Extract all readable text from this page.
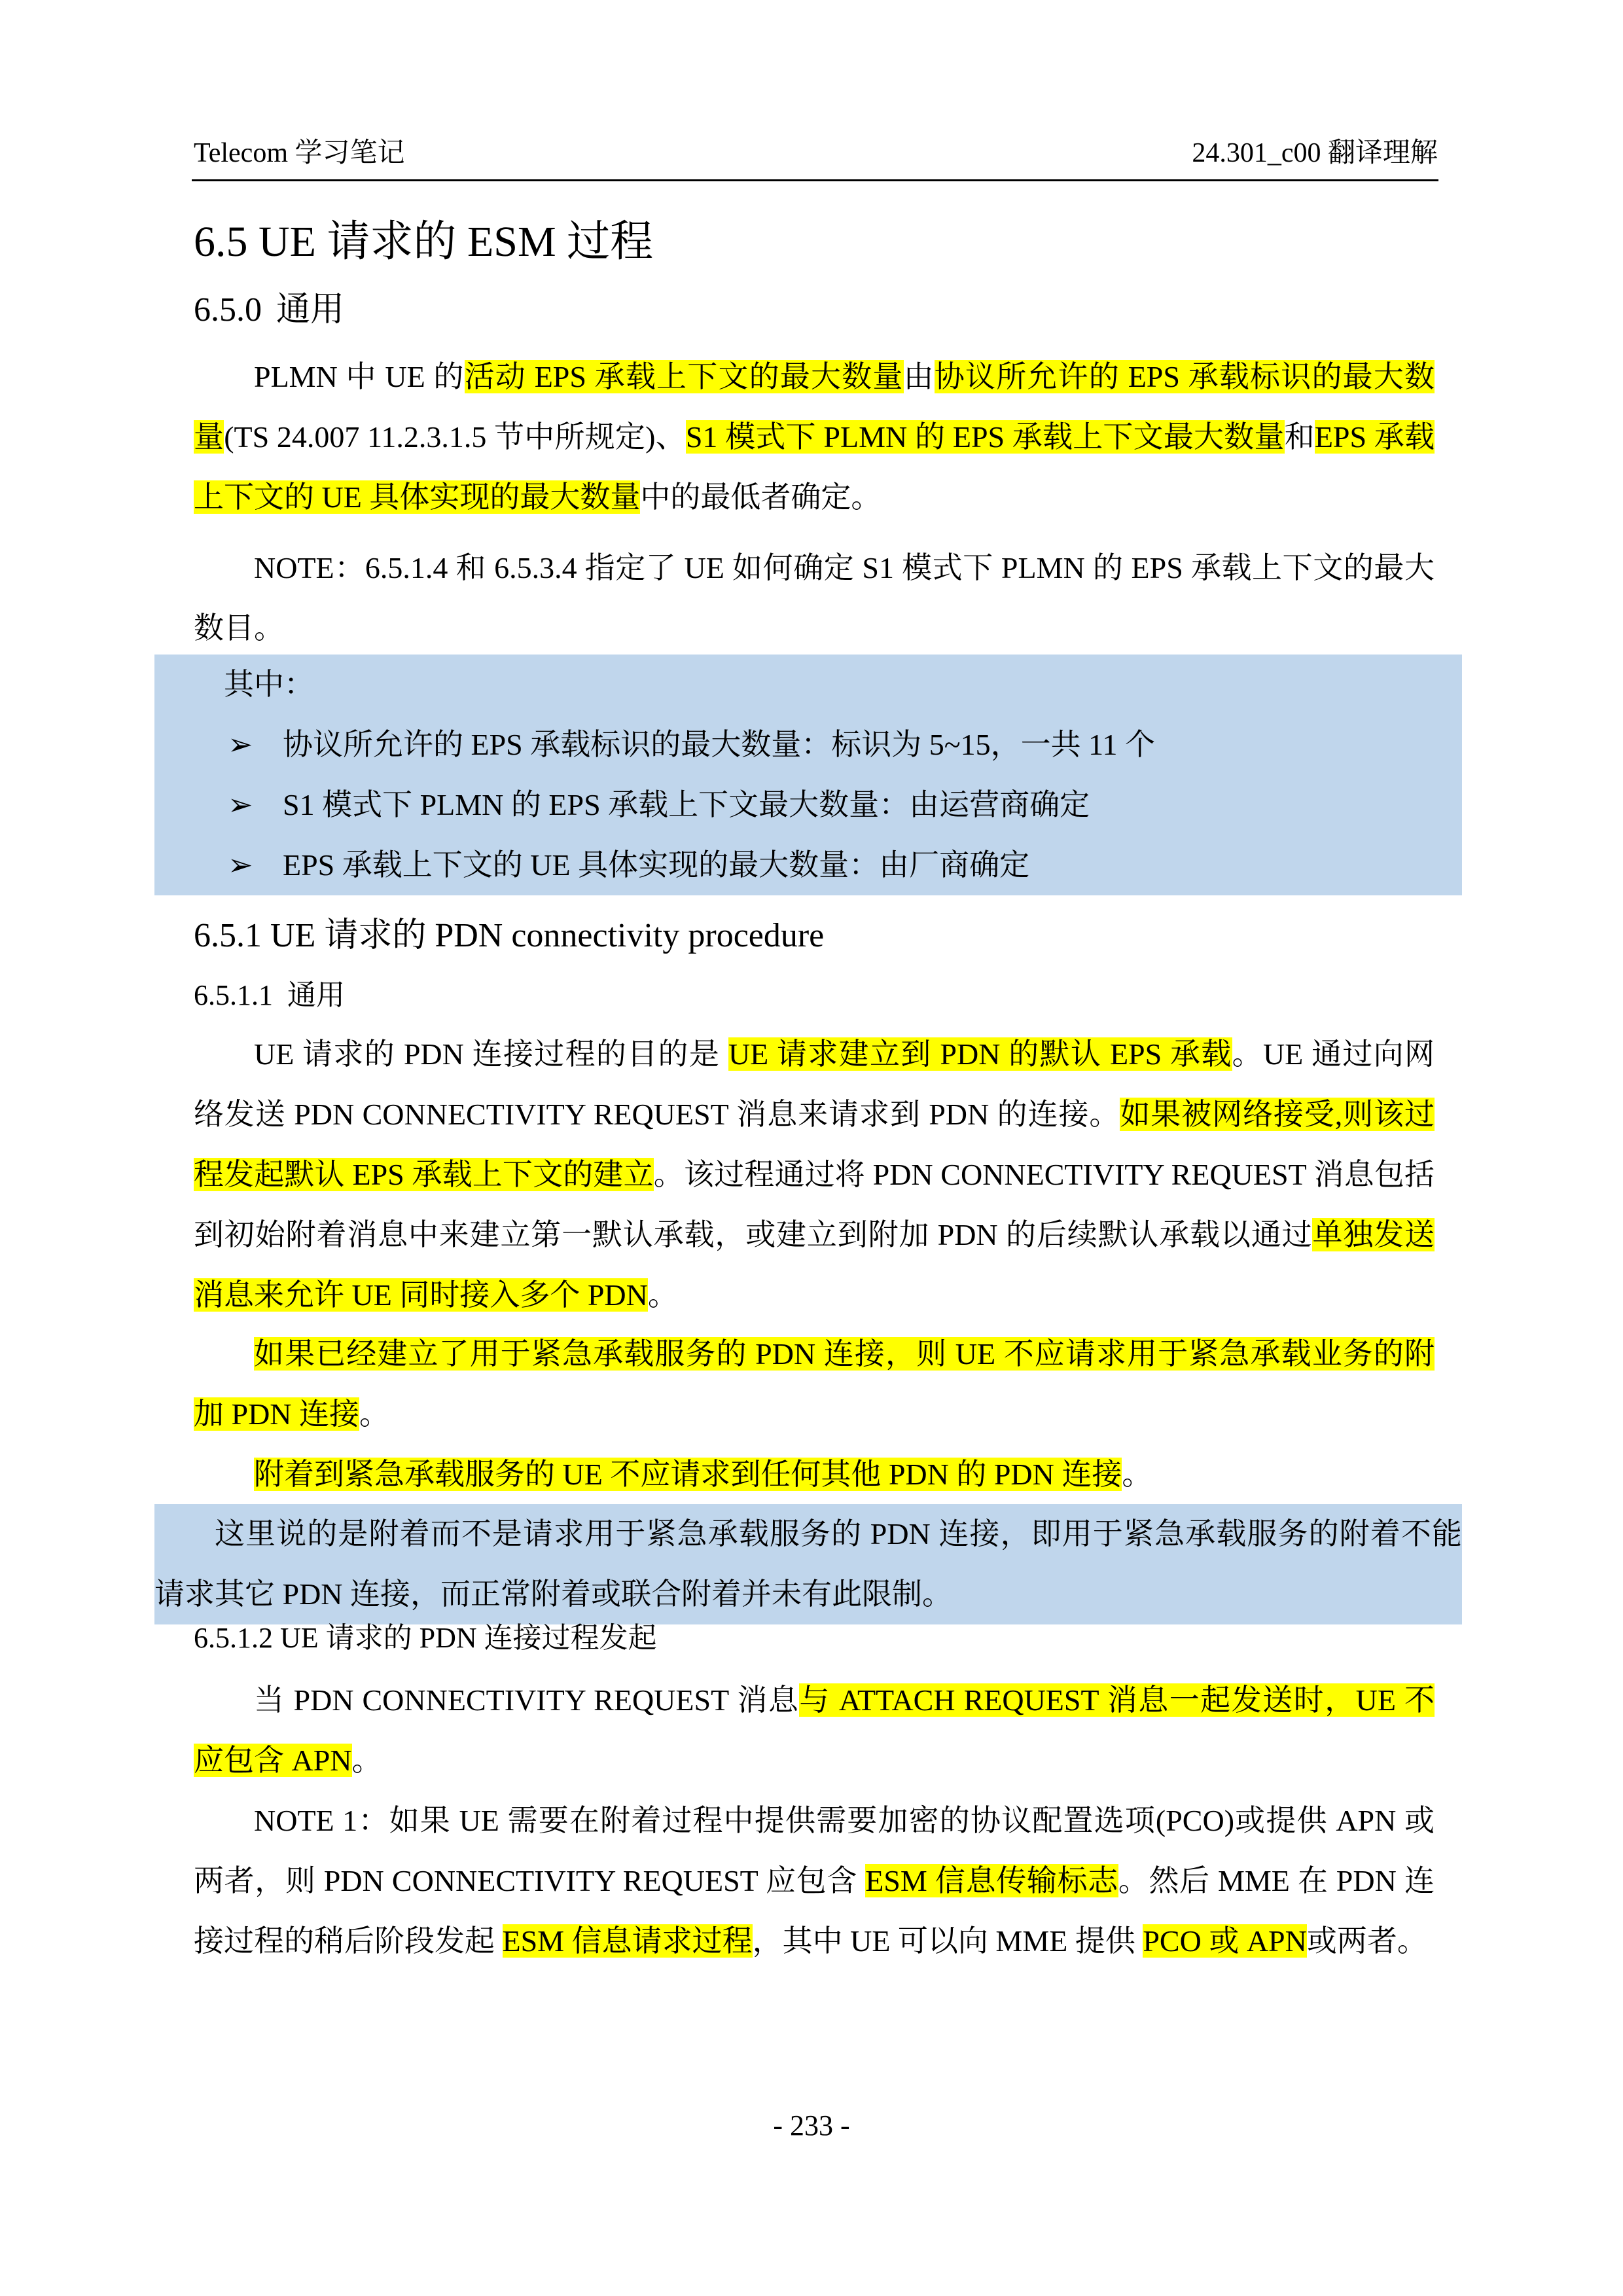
Telecom 学习笔记	24.301_c00 翻译理解
6.5 UE 请求的 ESM 过程
6.5.0 通用

PLMN 中 UE 的活动 EPS 承载上下文的最大数量由协议所允许的 EPS 承载标识的最大数量(TS 24.007 11.2.3.1.5 节中所规定)、S1 模式下 PLMN 的 EPS 承载上下文最大数量和EPS 承载上下文的 UE 具体实现的最大数量中的最低者确定。

NOTE：6.5.1.4 和 6.5.3.4 指定了 UE 如何确定 S1 模式下 PLMN 的 EPS 承载上下文的最大数目。

其中：
➢ 协议所允许的 EPS 承载标识的最大数量：标识为 5~15，一共 11 个
➢ S1 模式下 PLMN 的 EPS 承载上下文最大数量：由运营商确定
➢ EPS 承载上下文的 UE 具体实现的最大数量：由厂商确定
6.5.1 UE 请求的 PDN connectivity procedure
6.5.1.1 通用

UE 请求的 PDN 连接过程的目的是 UE 请求建立到 PDN 的默认 EPS 承载。UE 通过向网络发送 PDN CONNECTIVITY REQUEST 消息来请求到 PDN 的连接。如果被网络接受,则该过程发起默认 EPS 承载上下文的建立。该过程通过将 PDN CONNECTIVITY REQUEST 消息包括到初始附着消息中来建立第一默认承载，或建立到附加 PDN 的后续默认承载以通过单独发送消息来允许 UE 同时接入多个 PDN。

如果已经建立了用于紧急承载服务的 PDN 连接，则 UE 不应请求用于紧急承载业务的附加 PDN 连接。

附着到紧急承载服务的 UE 不应请求到任何其他 PDN 的 PDN 连接。

这里说的是附着而不是请求用于紧急承载服务的 PDN 连接，即用于紧急承载服务的附着不能请求其它 PDN 连接，而正常附着或联合附着并未有此限制。

6.5.1.2 UE 请求的 PDN 连接过程发起

当 PDN CONNECTIVITY REQUEST 消息与 ATTACH REQUEST 消息一起发送时，UE 不应包含 APN。

NOTE 1：如果 UE 需要在附着过程中提供需要加密的协议配置选项(PCO)或提供 APN 或两者，则 PDN CONNECTIVITY REQUEST 应包含 ESM 信息传输标志。然后 MME 在 PDN 连接过程的稍后阶段发起 ESM 信息请求过程，其中 UE 可以向 MME 提供 PCO 或 APN或两者。

- 233 -
